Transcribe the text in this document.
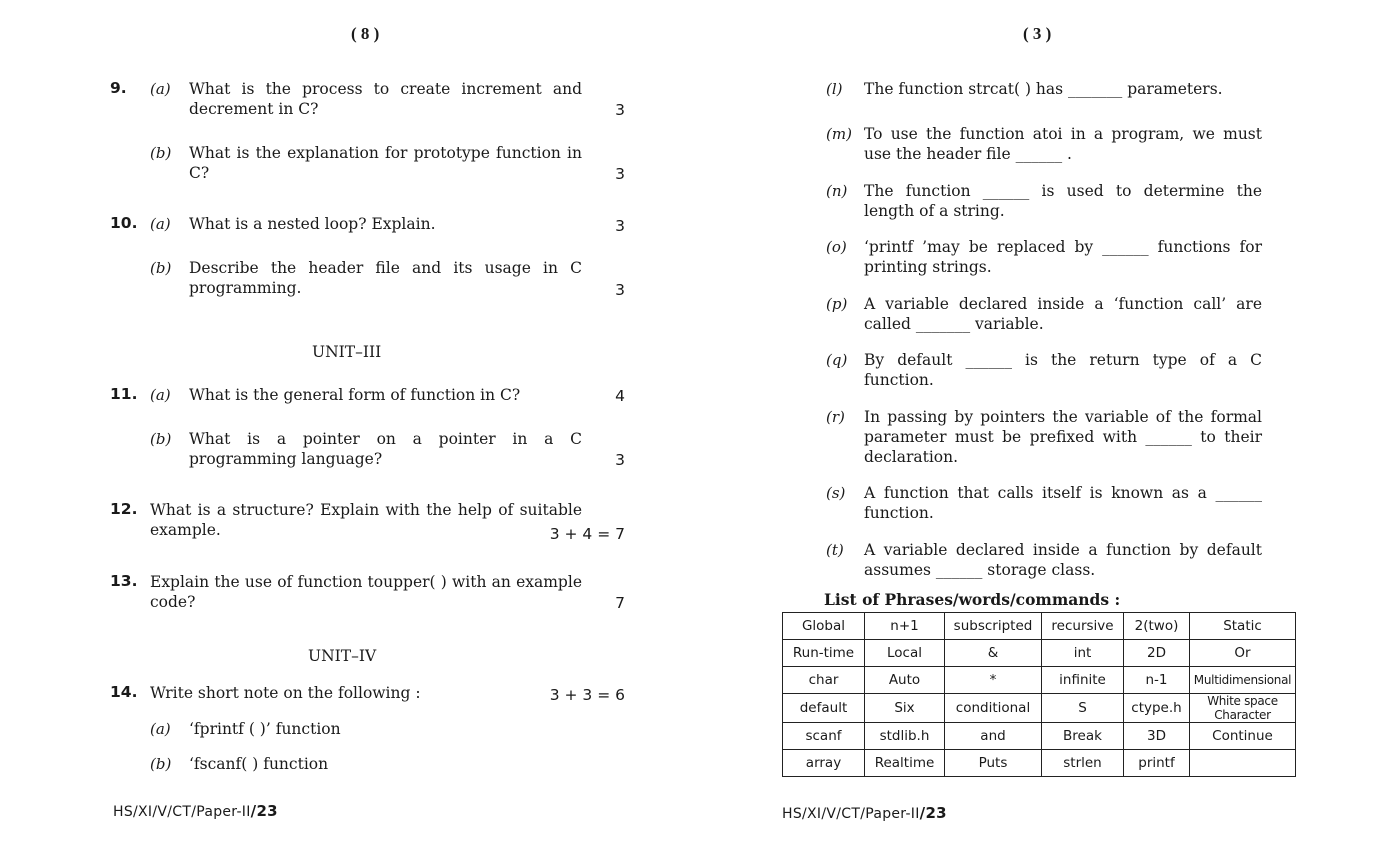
( 8 )
9. (a) What is the process to create increment and decrement in C?	3
(b) What is the explanation for prototype function in C?	3
10. (a) What is a nested loop? Explain.	3
(b) Describe the header file and its usage in C programming.	3
UNIT–III
11. (a) What is the general form of function in C?	4
(b) What is a pointer on a pointer in a C programming language?	3
12. What is a structure? Explain with the help of suitable example.	3 + 4 = 7
13. Explain the use of function toupper( ) with an example code?	7
UNIT–IV
14. Write short note on the following :	3 + 3 = 6
(a) ‘fprintf ( )’ function
(b) ‘fscanf( ) function
HS/XI/V/CT/Paper-II/23
( 3 )
(l) The function strcat( ) has _______ parameters.
(m) To use the function atoi in a program, we must use the header file ______ .
(n) The function ______ is used to determine the length of a string.
(o) ‘printf ’may be replaced by ______ functions for printing strings.
(p) A variable declared inside a ‘function call’ are called _______ variable.
(q) By default ______ is the return type of a C function.
(r) In passing by pointers the variable of the formal parameter must be prefixed with ______ to their declaration.
(s) A function that calls itself is known as a ______ function.
(t) A variable declared inside a function by default assumes ______ storage class.
List of Phrases/words/commands :
Global	n+1	subscripted	recursive	2(two)	Static
Run-time	Local	&	int	2D	Or
char	Auto	*	infinite	n-1	Multidimensional
default	Six	conditional	S	ctype.h	White space Character
scanf	stdlib.h	and	Break	3D	Continue
array	Realtime	Puts	strlen	printf	
HS/XI/V/CT/Paper-II/23
